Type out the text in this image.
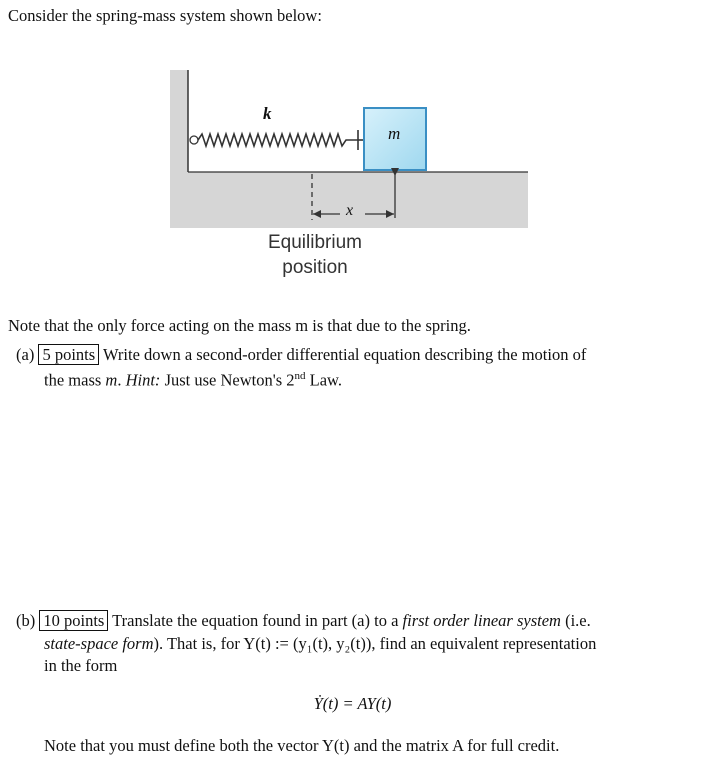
Consider the spring-mass system shown below:
k
m
x
Equilibrium
position
Note that the only force acting on the mass m is that due to the spring.
(a) 5 points Write down a second-order differential equation describing the motion of
the mass m. Hint: Just use Newton's 2nd Law.
(b) 10 points Translate the equation found in part (a) to a first order linear system (i.e.
state-space form). That is, for Y(t) := (y₁(t), y₂(t)), find an equivalent representation
in the form
Ẏ(t) = AY(t)
Note that you must define both the vector Y(t) and the matrix A for full credit.
